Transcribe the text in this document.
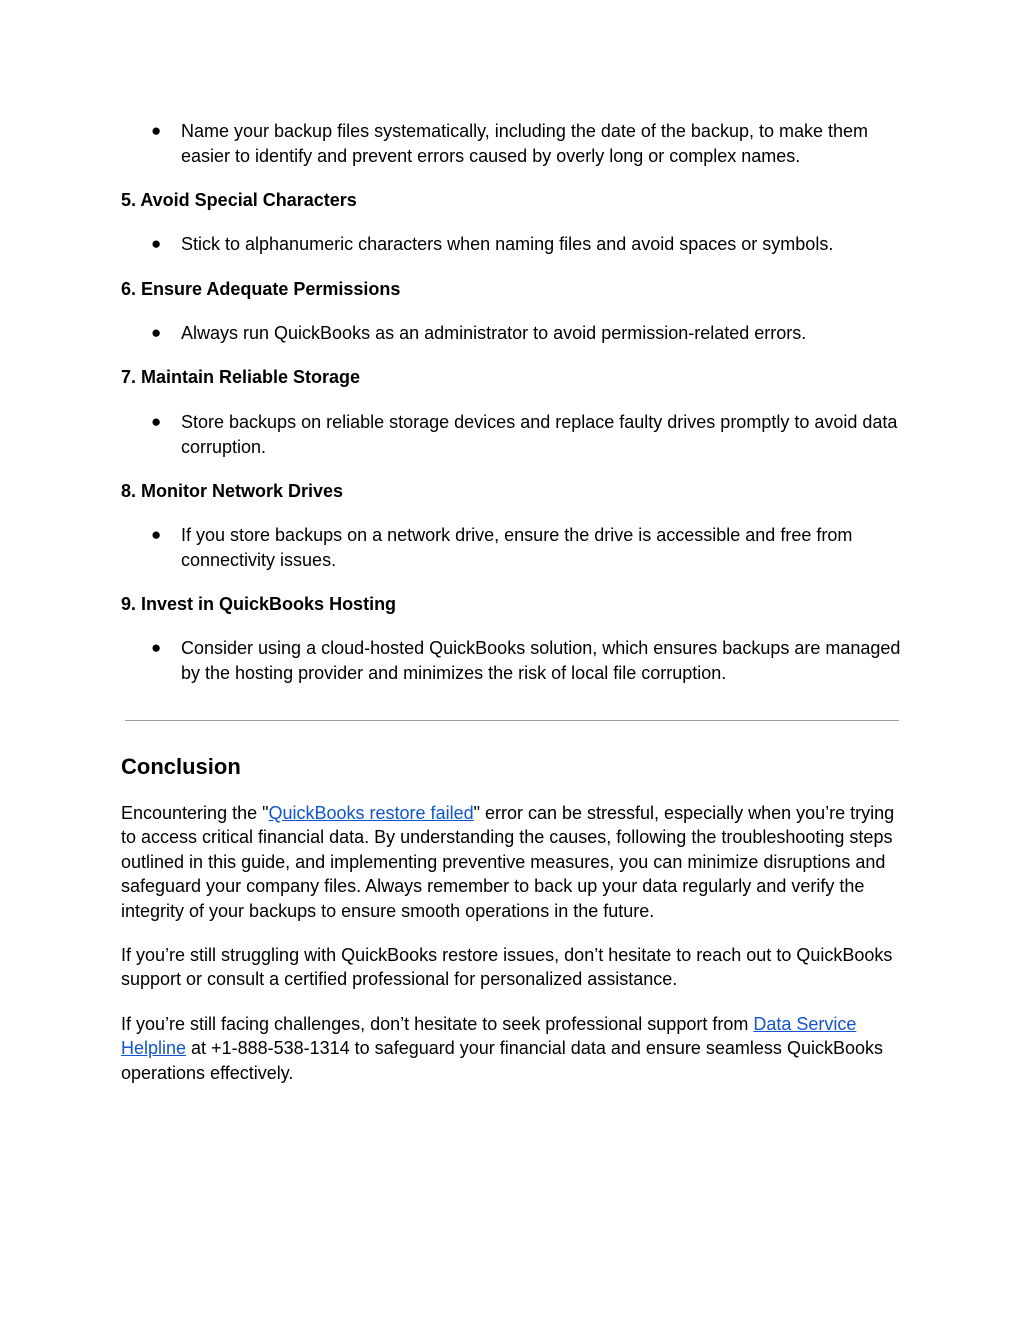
●	Name your backup files systematically, including the date of the backup, to make them easier to identify and prevent errors caused by overly long or complex names.
5. Avoid Special Characters
●	Stick to alphanumeric characters when naming files and avoid spaces or symbols.
6. Ensure Adequate Permissions
●	Always run QuickBooks as an administrator to avoid permission-related errors.
7. Maintain Reliable Storage
●	Store backups on reliable storage devices and replace faulty drives promptly to avoid data corruption.
8. Monitor Network Drives
●	If you store backups on a network drive, ensure the drive is accessible and free from connectivity issues.
9. Invest in QuickBooks Hosting
●	Consider using a cloud-hosted QuickBooks solution, which ensures backups are managed by the hosting provider and minimizes the risk of local file corruption.
Conclusion
Encountering the "QuickBooks restore failed" error can be stressful, especially when you’re trying to access critical financial data. By understanding the causes, following the troubleshooting steps outlined in this guide, and implementing preventive measures, you can minimize disruptions and safeguard your company files. Always remember to back up your data regularly and verify the integrity of your backups to ensure smooth operations in the future.
If you’re still struggling with QuickBooks restore issues, don’t hesitate to reach out to QuickBooks support or consult a certified professional for personalized assistance.
If you’re still facing challenges, don’t hesitate to seek professional support from Data Service Helpline at +1-888-538-1314 to safeguard your financial data and ensure seamless QuickBooks operations effectively.
